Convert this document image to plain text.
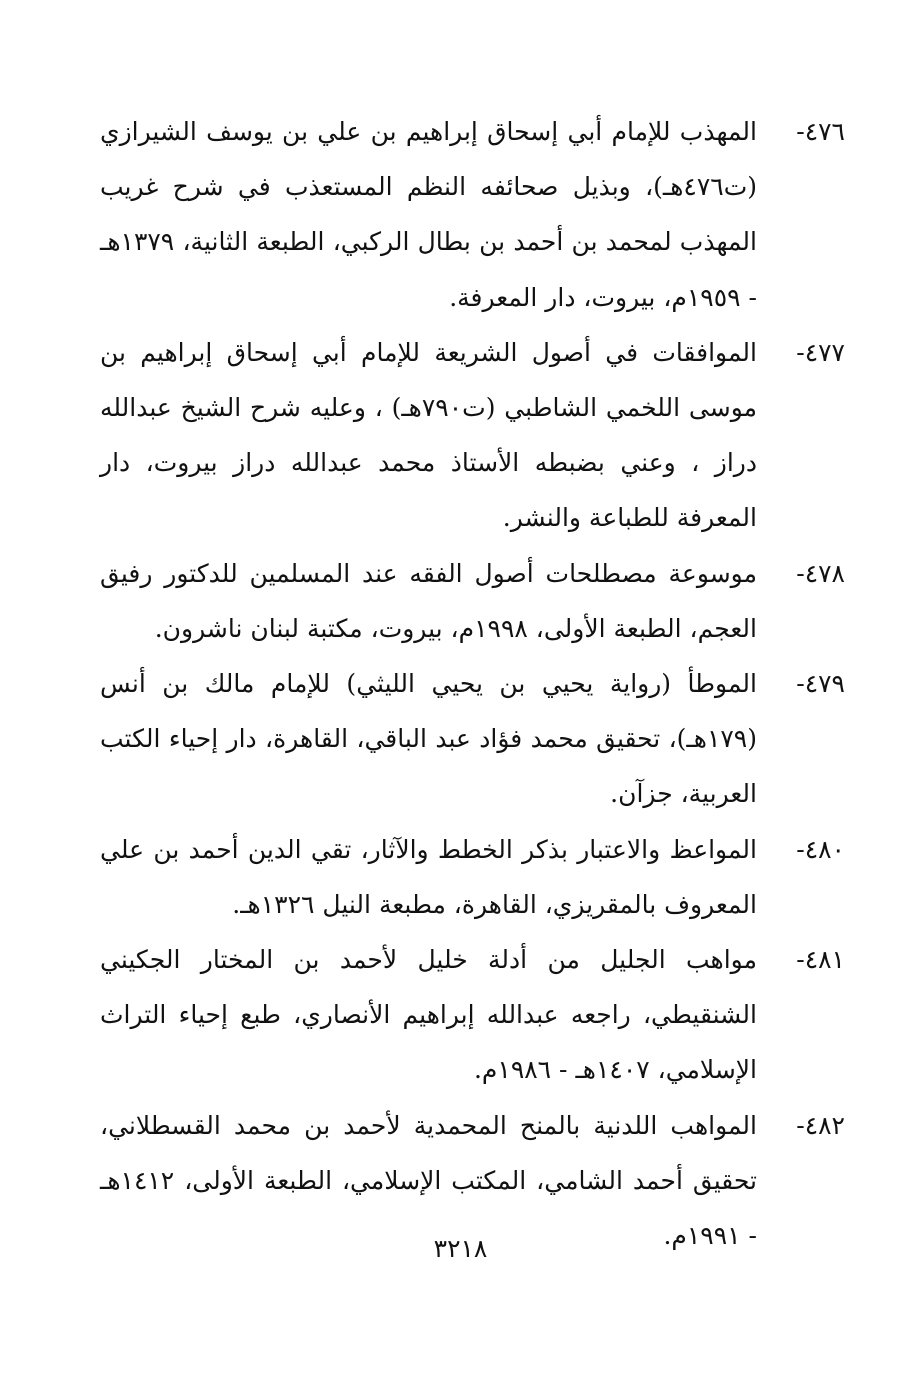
٤٧٦-
المهذب للإمام أبي إسحاق إبراهيم بن علي بن يوسف الشيرازي (ت٤٧٦هـ)، وبذيل صحائفه النظم المستعذب في شرح غريب المهذب لمحمد بن أحمد بن بطال الركبي، الطبعة الثانية، ١٣٧٩هـ - ١٩٥٩م، بيروت، دار المعرفة.
٤٧٧-
الموافقات في أصول الشريعة للإمام أبي إسحاق إبراهيم بن موسى اللخمي الشاطبي (ت٧٩٠هـ) ، وعليه شرح الشيخ عبدالله دراز ، وعني بضبطه الأستاذ محمد عبدالله دراز بيروت، دار المعرفة للطباعة والنشر.
٤٧٨-
موسوعة مصطلحات أصول الفقه عند المسلمين للدكتور رفيق العجم، الطبعة الأولى، ١٩٩٨م، بيروت، مكتبة لبنان ناشرون.
٤٧٩-
الموطأ (رواية يحيي بن يحيي الليثي) للإمام مالك بن أنس (١٧٩هـ)، تحقيق محمد فؤاد عبد الباقي، القاهرة، دار إحياء الكتب العربية، جزآن.
٤٨٠-
المواعظ والاعتبار بذكر الخطط والآثار، تقي الدين أحمد بن علي المعروف بالمقريزي، القاهرة، مطبعة النيل ١٣٢٦هـ.
٤٨١-
مواهب الجليل من أدلة خليل لأحمد بن المختار الجكيني الشنقيطي، راجعه عبدالله إبراهيم الأنصاري، طبع إحياء التراث الإسلامي، ١٤٠٧هـ - ١٩٨٦م.
٤٨٢-
المواهب اللدنية بالمنح المحمدية لأحمد بن محمد القسطلاني، تحقيق أحمد الشامي، المكتب الإسلامي، الطبعة الأولى، ١٤١٢هـ - ١٩٩١م.
٣٢١٨
